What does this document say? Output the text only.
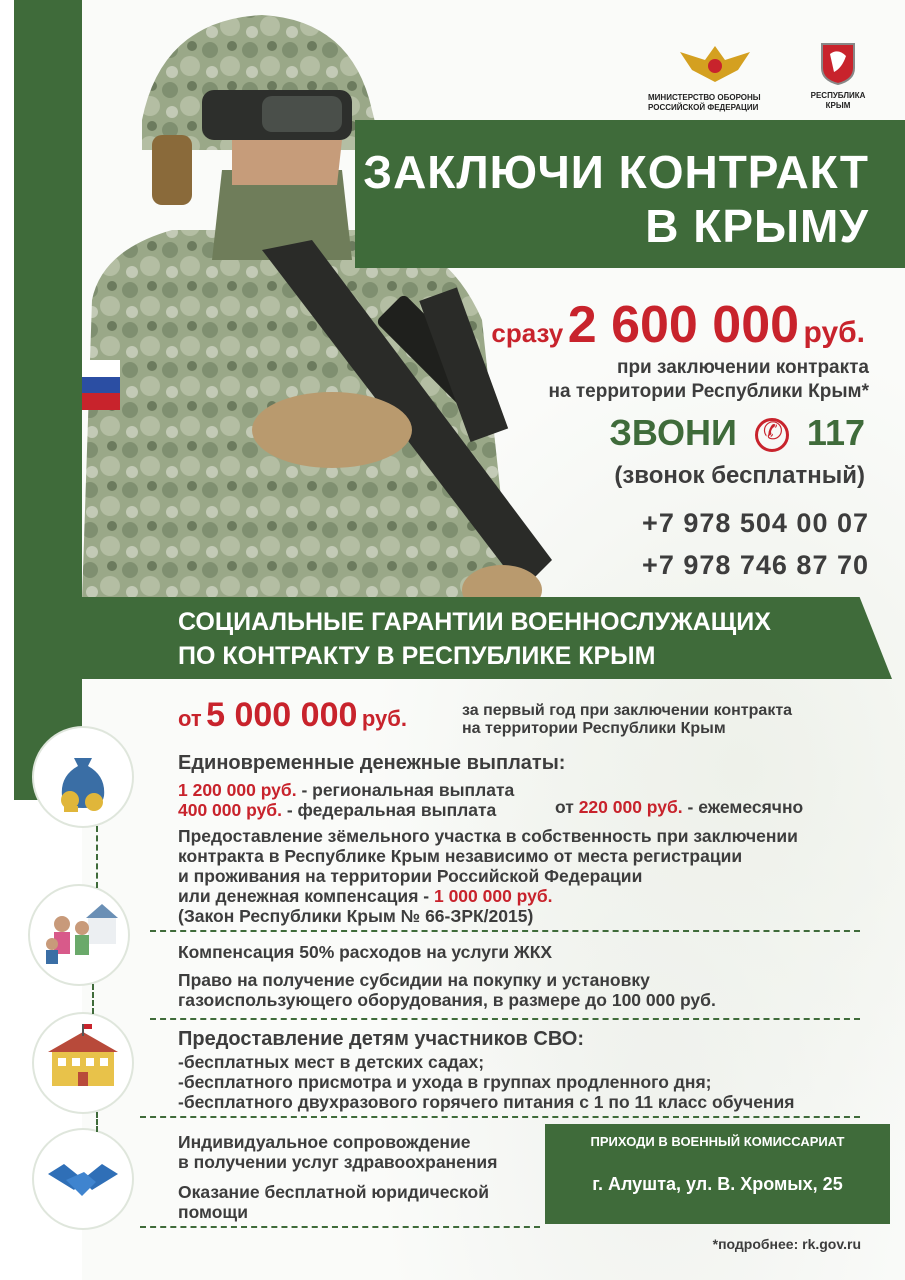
МИНИСТЕРСТВО ОБОРОНЫ
РОССИЙСКОЙ ФЕДЕРАЦИИ
РЕСПУБЛИКА
КРЫМ
ЗАКЛЮЧИ КОНТРАКТ
В КРЫМУ
сразу 2 600 000 руб.
при заключении контракта
на территории Республики Крым*
ЗВОНИ ✆ 117
(звонок бесплатный)
+7 978 504 00 07
+7 978 746 87 70
СОЦИАЛЬНЫЕ ГАРАНТИИ ВОЕННОСЛУЖАЩИХ
ПО КОНТРАКТУ В РЕСПУБЛИКЕ КРЫМ
от 5 000 000 руб.	за первый год при заключении контракта
на территории Республики Крым
Единовременные денежные выплаты:
1 200 000 руб. - региональная выплата
400 000 руб. - федеральная выплата	от 220 000 руб. - ежемесячно
Предоставление зёмельного участка в собственность при заключении
контракта в Республике Крым независимо от места регистрации
и проживания на территории Российской Федерации
или денежная компенсация - 1 000 000 руб.
(Закон Республики Крым № 66-ЗРК/2015)
Компенсация 50% расходов на услуги ЖКХ
Право на получение субсидии на покупку и установку
газоиспользующего оборудования, в размере до 100 000 руб.
Предоставление детям участников СВО:
-бесплатных мест в детских садах;
-бесплатного присмотра и ухода в группах продленного дня;
-бесплатного двухразового горячего питания с 1 по 11 класс обучения
Индивидуальное сопровождение
в получении услуг здравоохранения
Оказание бесплатной юридической
помощи
ПРИХОДИ В ВОЕННЫЙ КОМИССАРИАТ
г. Алушта, ул. В. Хромых, 25
*подробнее: rk.gov.ru
